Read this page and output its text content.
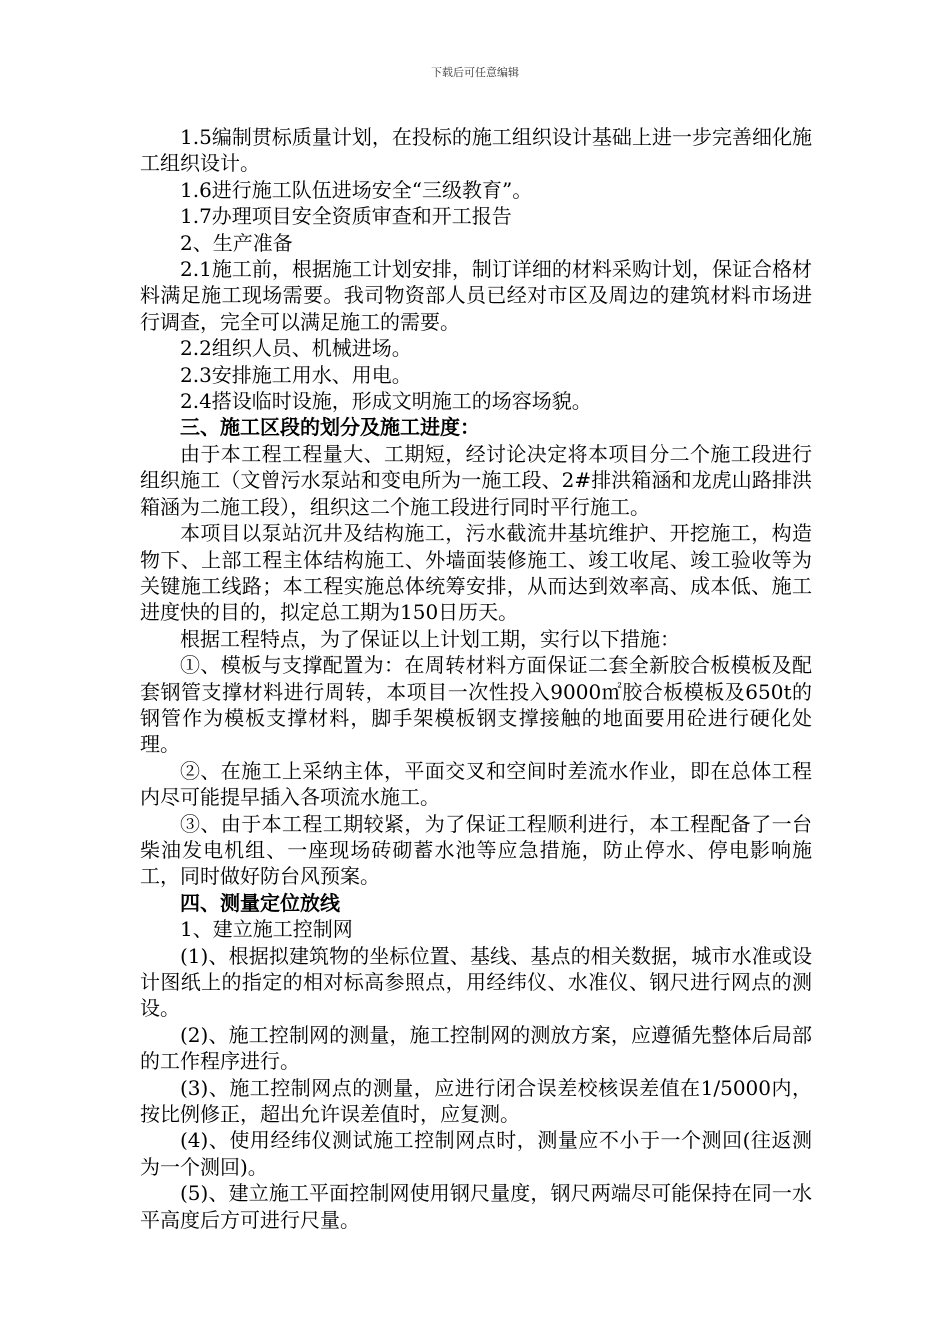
下载后可任意编辑

1.5编制贯标质量计划，在投标的施工组织设计基础上进一步完善细化施工组织设计。

1.6进行施工队伍进场安全“三级教育”。

1.7办理项目安全资质审查和开工报告

2、生产准备

2.1施工前，根据施工计划安排，制订详细的材料采购计划，保证合格材料满足施工现场需要。我司物资部人员已经对市区及周边的建筑材料市场进行调查，完全可以满足施工的需要。

2.2组织人员、机械进场。

2.3安排施工用水、用电。

2.4搭设临时设施，形成文明施工的场容场貌。

三、施工区段的划分及施工进度：

由于本工程工程量大、工期短，经讨论决定将本项目分二个施工段进行组织施工（文曾污水泵站和变电所为一施工段、2#排洪箱涵和龙虎山路排洪箱涵为二施工段），组织这二个施工段进行同时平行施工。

本项目以泵站沉井及结构施工，污水截流井基坑维护、开挖施工，构造物下、上部工程主体结构施工、外墙面装修施工、竣工收尾、竣工验收等为关键施工线路；本工程实施总体统筹安排，从而达到效率高、成本低、施工进度快的目的，拟定总工期为150日历天。

根据工程特点，为了保证以上计划工期，实行以下措施：

①、模板与支撑配置为：在周转材料方面保证二套全新胶合板模板及配套钢管支撑材料进行周转，本项目一次性投入9000㎡胶合板模板及650t的钢管作为模板支撑材料，脚手架模板钢支撑接触的地面要用砼进行硬化处理。

②、在施工上采纳主体，平面交叉和空间时差流水作业，即在总体工程内尽可能提早插入各项流水施工。

③、由于本工程工期较紧，为了保证工程顺利进行，本工程配备了一台柴油发电机组、一座现场砖砌蓄水池等应急措施，防止停水、停电影响施工，同时做好防台风预案。

四、测量定位放线

1、建立施工控制网

(1)、根据拟建筑物的坐标位置、基线、基点的相关数据，城市水准或设计图纸上的指定的相对标高参照点，用经纬仪、水准仪、钢尺进行网点的测设。

(2)、施工控制网的测量，施工控制网的测放方案，应遵循先整体后局部的工作程序进行。

(3)、施工控制网点的测量，应进行闭合误差校核误差值在1/5000内，按比例修正，超出允许误差值时，应复测。

(4)、使用经纬仪测试施工控制网点时，测量应不小于一个测回(往返测为一个测回)。

(5)、建立施工平面控制网使用钢尺量度，钢尺两端尽可能保持在同一水平高度后方可进行尺量。
